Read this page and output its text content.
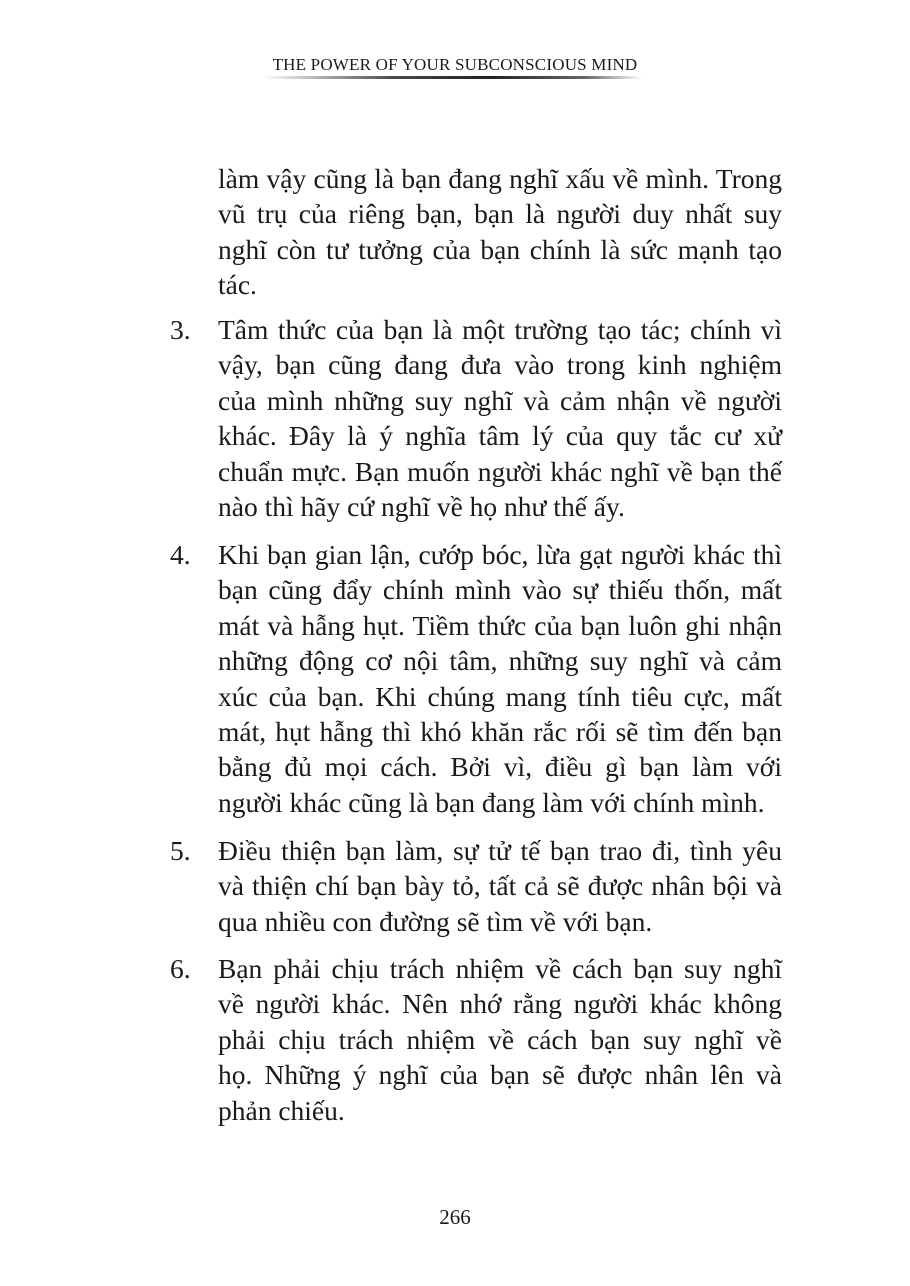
THE POWER OF YOUR SUBCONSCIOUS MIND
làm vậy cũng là bạn đang nghĩ xấu về mình. Trong
vũ trụ của riêng bạn, bạn là người duy nhất suy
nghĩ còn tư tưởng của bạn chính là sức mạnh tạo
tác.
3. Tâm thức của bạn là một trường tạo tác; chính vì
vậy, bạn cũng đang đưa vào trong kinh nghiệm
của mình những suy nghĩ và cảm nhận về người
khác. Đây là ý nghĩa tâm lý của quy tắc cư xử
chuẩn mực. Bạn muốn người khác nghĩ về bạn thế
nào thì hãy cứ nghĩ về họ như thế ấy.
4. Khi bạn gian lận, cướp bóc, lừa gạt người khác thì
bạn cũng đẩy chính mình vào sự thiếu thốn, mất
mát và hẫng hụt. Tiềm thức của bạn luôn ghi nhận
những động cơ nội tâm, những suy nghĩ và cảm
xúc của bạn. Khi chúng mang tính tiêu cực, mất
mát, hụt hẫng thì khó khăn rắc rối sẽ tìm đến bạn
bằng đủ mọi cách. Bởi vì, điều gì bạn làm với
người khác cũng là bạn đang làm với chính mình.
5. Điều thiện bạn làm, sự tử tế bạn trao đi, tình yêu
và thiện chí bạn bày tỏ, tất cả sẽ được nhân bội và
qua nhiều con đường sẽ tìm về với bạn.
6. Bạn phải chịu trách nhiệm về cách bạn suy nghĩ
về người khác. Nên nhớ rằng người khác không
phải chịu trách nhiệm về cách bạn suy nghĩ về
họ. Những ý nghĩ của bạn sẽ được nhân lên và
phản chiếu.
266
